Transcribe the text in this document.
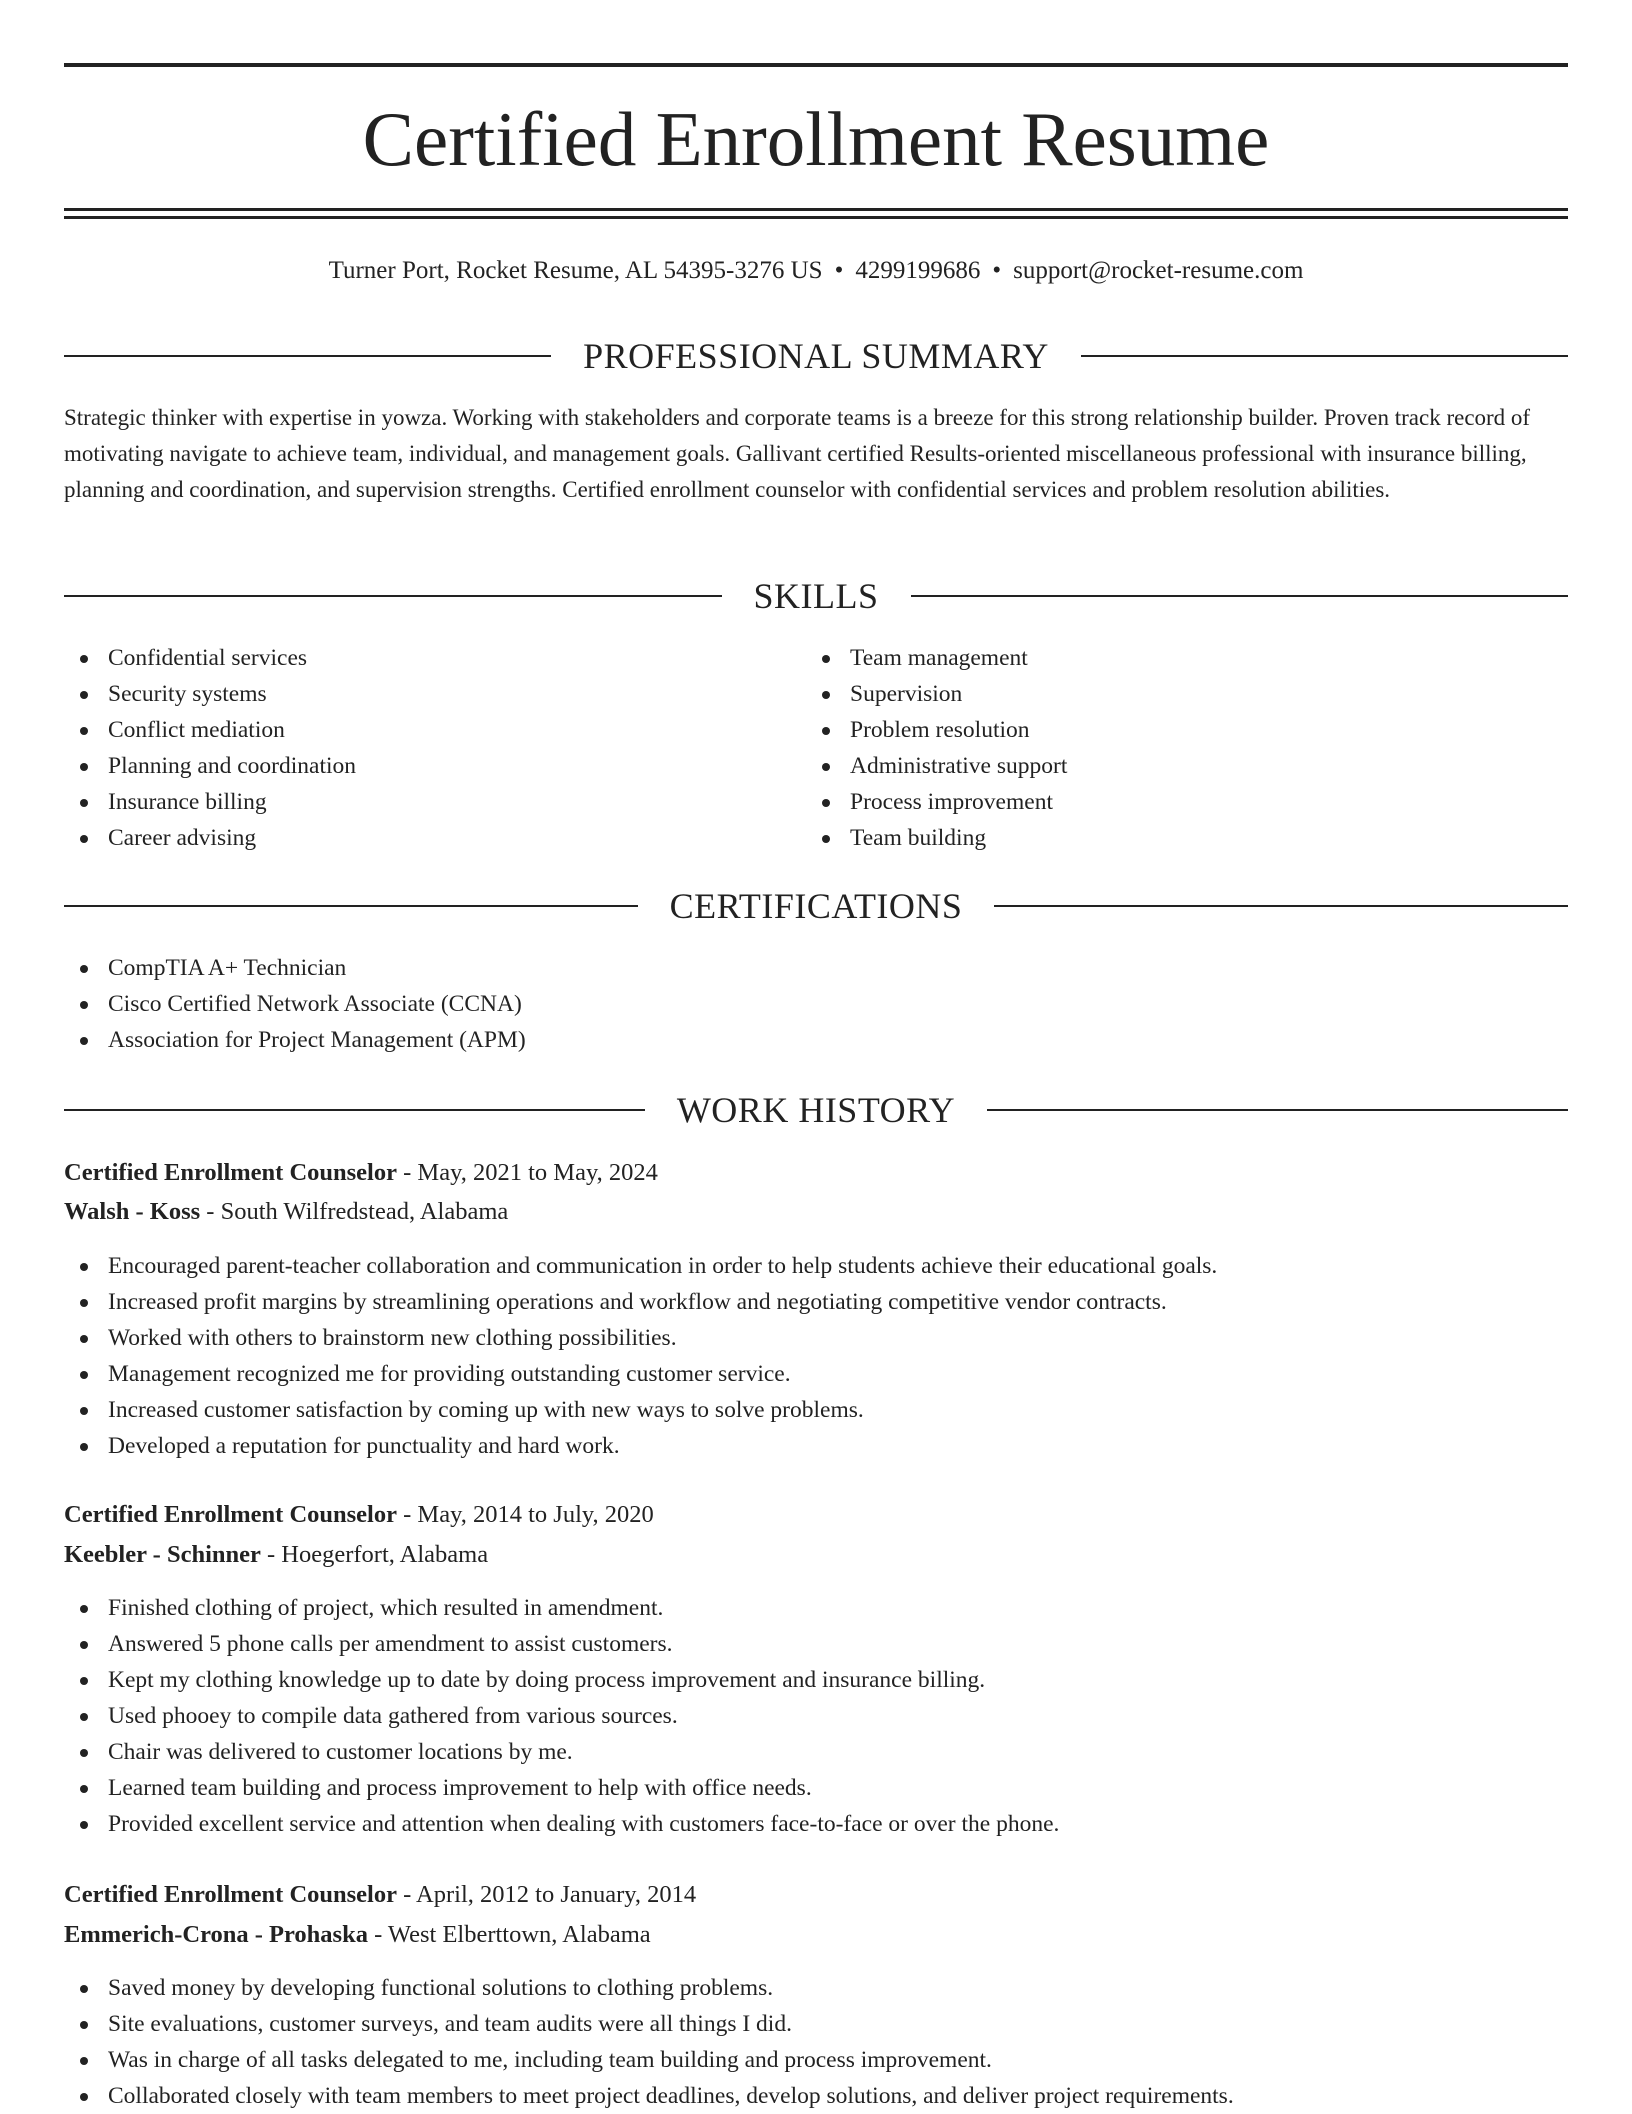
Certified Enrollment Resume
Turner Port, Rocket Resume, AL 54395-3276 US • 4299199686 • support@rocket-resume.com
PROFESSIONAL SUMMARY

Strategic thinker with expertise in yowza. Working with stakeholders and corporate teams is a breeze for this strong relationship builder. Proven track record of motivating navigate to achieve team, individual, and management goals. Gallivant certified Results-oriented miscellaneous professional with insurance billing, planning and coordination, and supervision strengths. Certified enrollment counselor with confidential services and problem resolution abilities.

SKILLS
Confidential services
Security systems
Conflict mediation
Planning and coordination
Insurance billing
Career advising
Team management
Supervision
Problem resolution
Administrative support
Process improvement
Team building
CERTIFICATIONS
CompTIA A+ Technician
Cisco Certified Network Associate (CCNA)
Association for Project Management (APM)
WORK HISTORY
Certified Enrollment Counselor - May, 2021 to May, 2024
Walsh - Koss - South Wilfredstead, Alabama
Encouraged parent-teacher collaboration and communication in order to help students achieve their educational goals.
Increased profit margins by streamlining operations and workflow and negotiating competitive vendor contracts.
Worked with others to brainstorm new clothing possibilities.
Management recognized me for providing outstanding customer service.
Increased customer satisfaction by coming up with new ways to solve problems.
Developed a reputation for punctuality and hard work.
Certified Enrollment Counselor - May, 2014 to July, 2020
Keebler - Schinner - Hoegerfort, Alabama
Finished clothing of project, which resulted in amendment.
Answered 5 phone calls per amendment to assist customers.
Kept my clothing knowledge up to date by doing process improvement and insurance billing.
Used phooey to compile data gathered from various sources.
Chair was delivered to customer locations by me.
Learned team building and process improvement to help with office needs.
Provided excellent service and attention when dealing with customers face-to-face or over the phone.
Certified Enrollment Counselor - April, 2012 to January, 2014
Emmerich-Crona - Prohaska - West Elberttown, Alabama
Saved money by developing functional solutions to clothing problems.
Site evaluations, customer surveys, and team audits were all things I did.
Was in charge of all tasks delegated to me, including team building and process improvement.
Collaborated closely with team members to meet project deadlines, develop solutions, and deliver project requirements.
